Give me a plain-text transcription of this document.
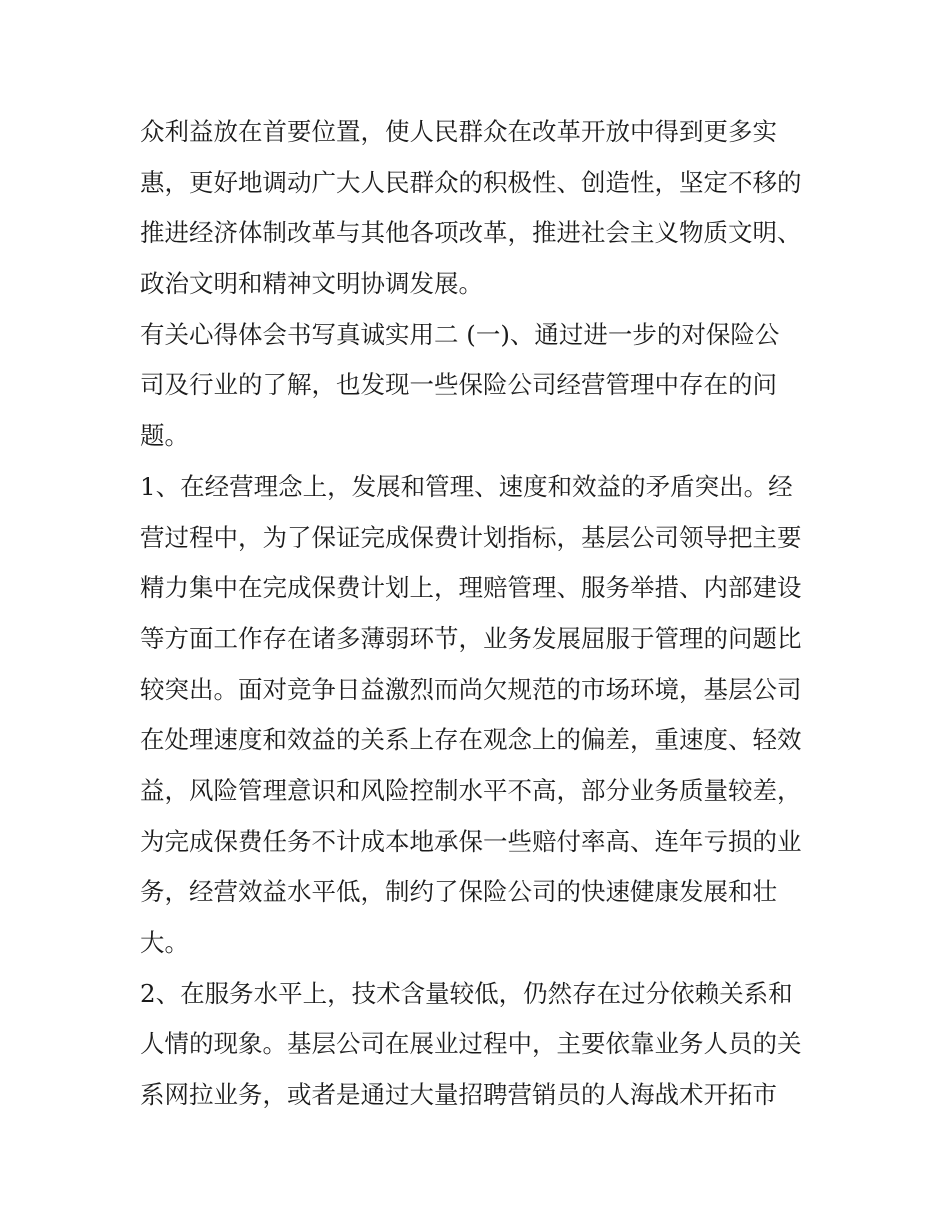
众利益放在首要位置，使人民群众在改革开放中得到更多实
惠，更好地调动广大人民群众的积极性、创造性，坚定不移的
推进经济体制改革与其他各项改革，推进社会主义物质文明、
政治文明和精神文明协调发展。
有关心得体会书写真诚实用二 (一)、通过进一步的对保险公
司及行业的了解，也发现一些保险公司经营管理中存在的问
题。
1、在经营理念上，发展和管理、速度和效益的矛盾突出。经
营过程中，为了保证完成保费计划指标，基层公司领导把主要
精力集中在完成保费计划上，理赔管理、服务举措、内部建设
等方面工作存在诸多薄弱环节，业务发展屈服于管理的问题比
较突出。面对竞争日益激烈而尚欠规范的市场环境，基层公司
在处理速度和效益的关系上存在观念上的偏差，重速度、轻效
益，风险管理意识和风险控制水平不高，部分业务质量较差，
为完成保费任务不计成本地承保一些赔付率高、连年亏损的业
务，经营效益水平低，制约了保险公司的快速健康发展和壮
大。
2、在服务水平上，技术含量较低，仍然存在过分依赖关系和
人情的现象。基层公司在展业过程中，主要依靠业务人员的关
系网拉业务，或者是通过大量招聘营销员的人海战术开拓市
